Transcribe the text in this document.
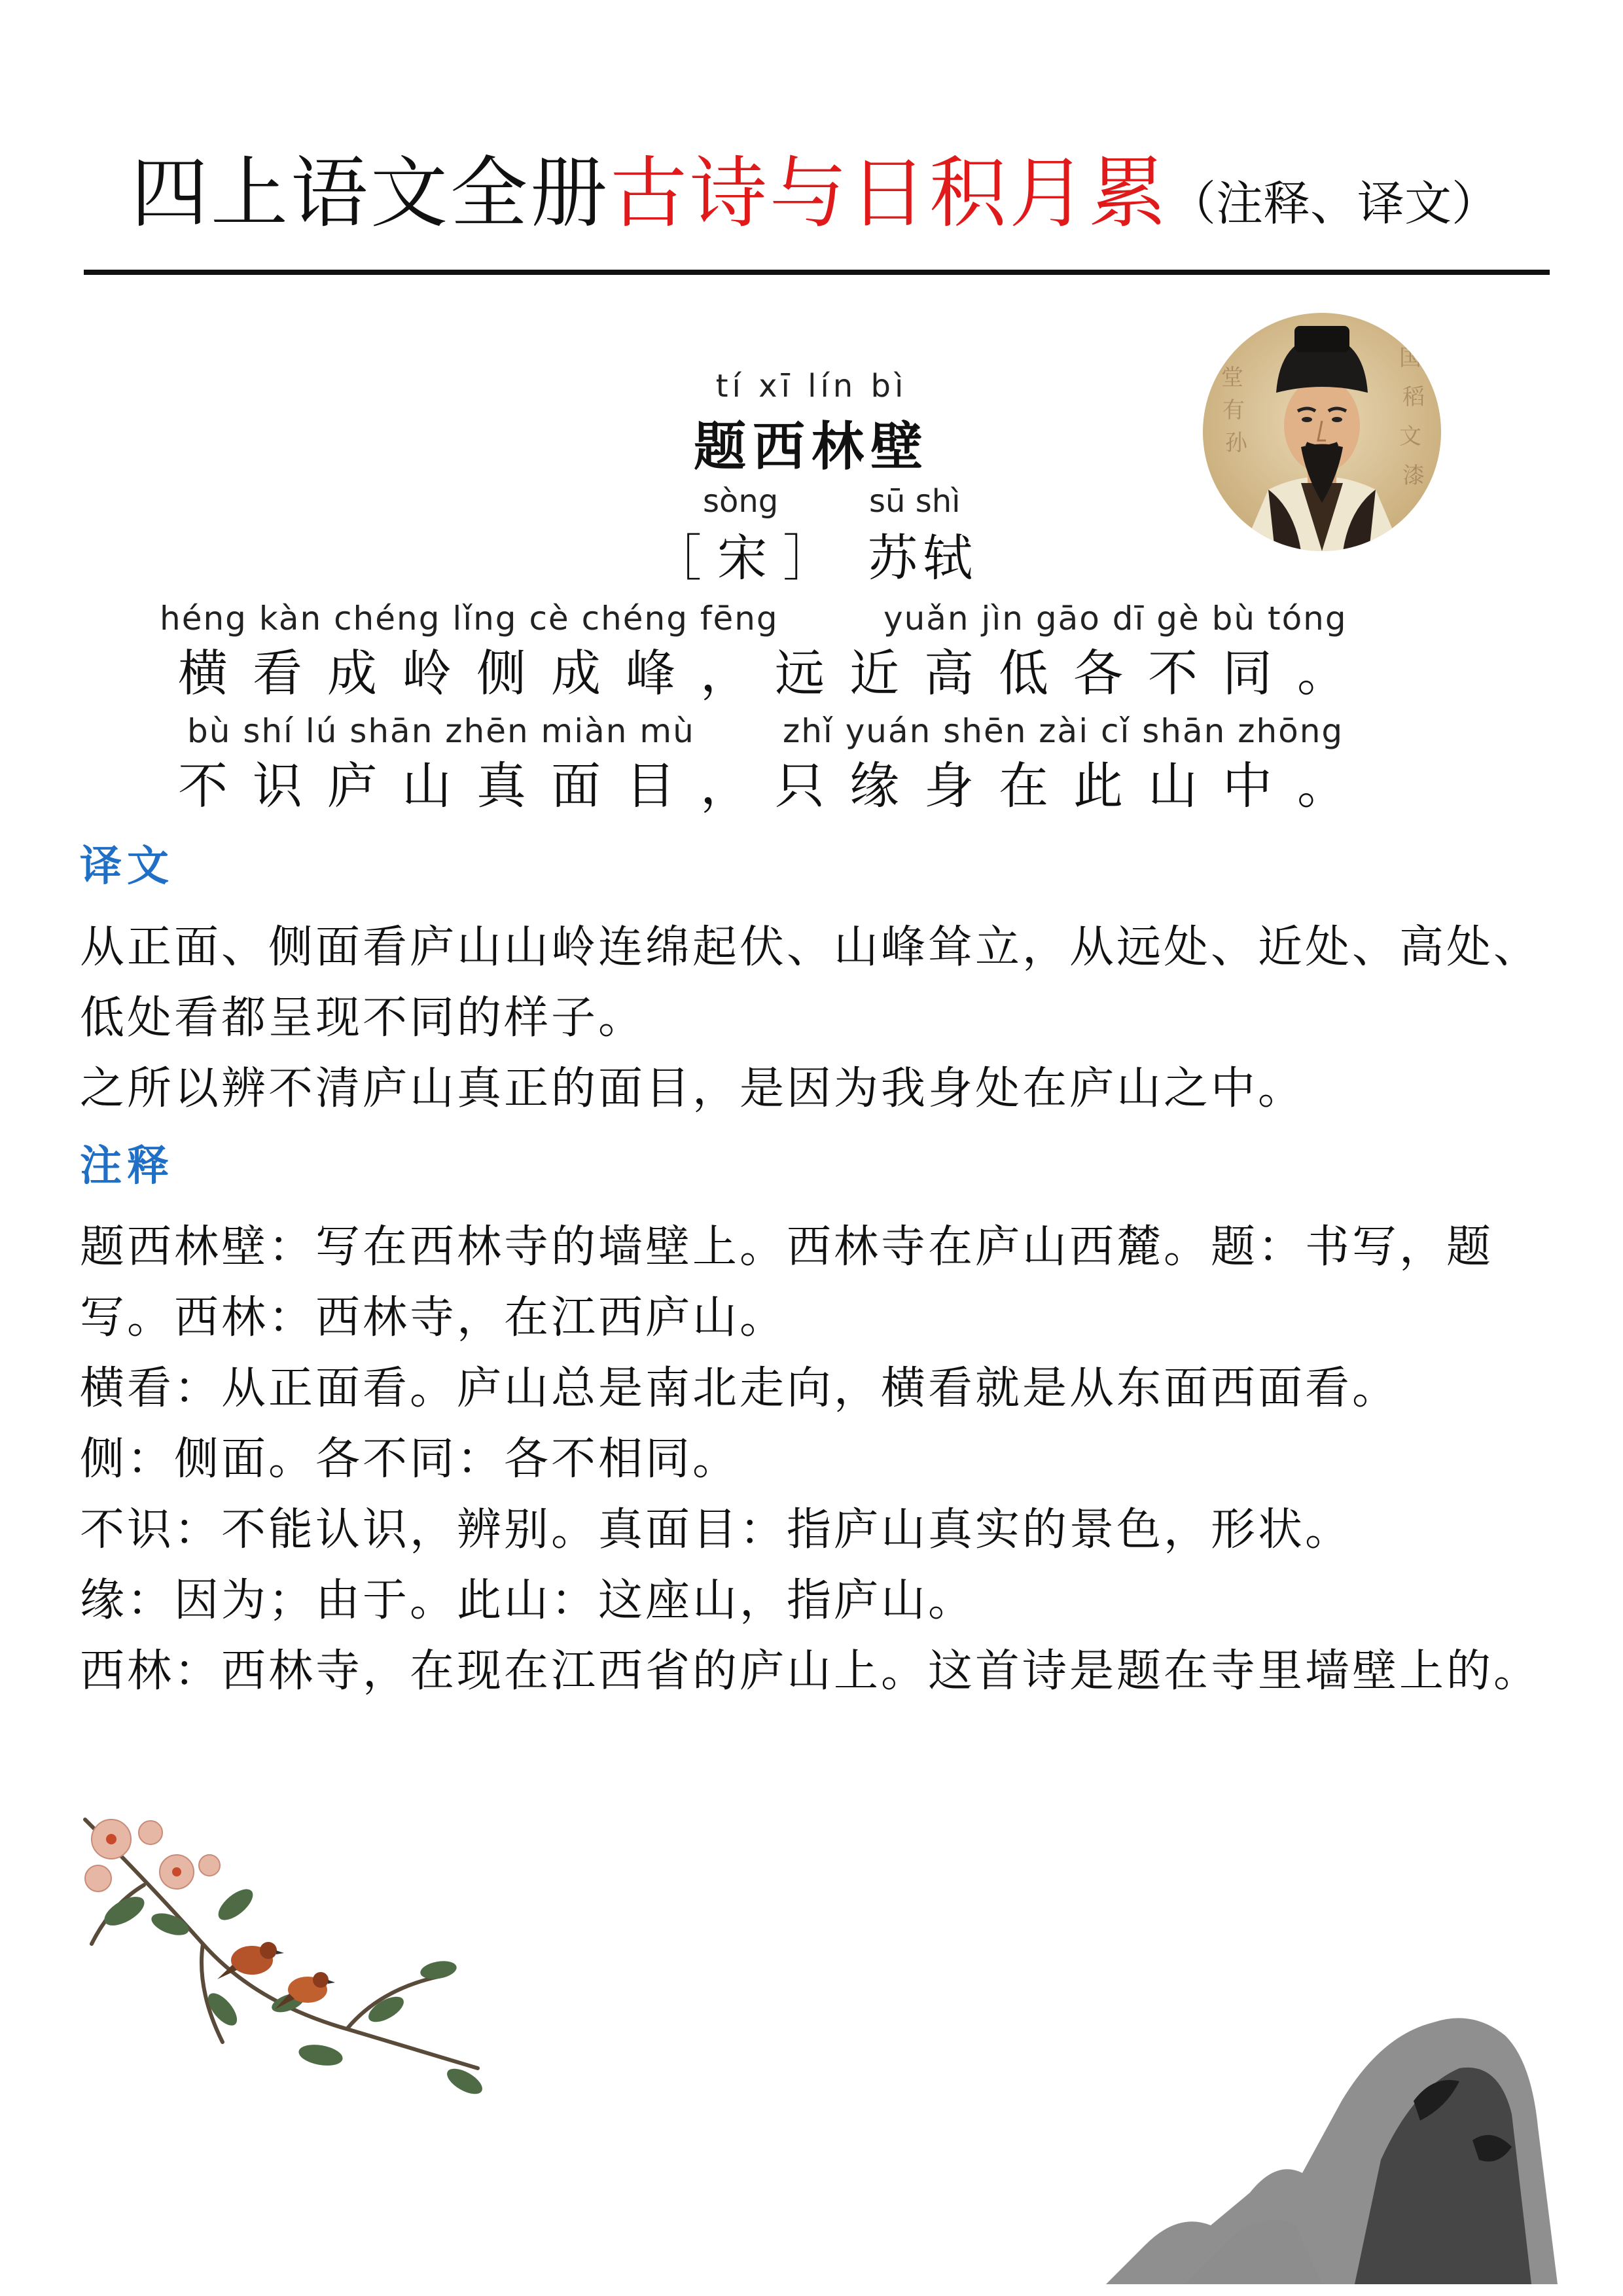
四上语文全册古诗与日积月累（注释、译文）
堂
有
孙
国
稻
文
漆
tí xī lín bì
题西林壁
sòng	sū shì
［ 宋 ］ 苏轼
héng kàn chéng lǐng cè chéng fēng	yuǎn jìn gāo dī gè bù tóng
横看成岭侧成峰，远近高低各不同。
bù shí lú shān zhēn miàn mù	zhǐ yuán shēn zài cǐ shān zhōng
不识庐山真面目，只缘身在此山中。
译文

从正面、侧面看庐山山岭连绵起伏、山峰耸立，从远处、近处、高处、低处看都呈现不同的样子。

之所以辨不清庐山真正的面目，是因为我身处在庐山之中。

注释

题西林壁：写在西林寺的墙壁上。西林寺在庐山西麓。题：书写，题写。西林：西林寺，在江西庐山。

横看：从正面看。庐山总是南北走向，横看就是从东面西面看。

侧：侧面。各不同：各不相同。

不识：不能认识，辨别。真面目：指庐山真实的景色，形状。

缘：因为；由于。此山：这座山，指庐山。

西林：西林寺，在现在江西省的庐山上。这首诗是题在寺里墙壁上的。
